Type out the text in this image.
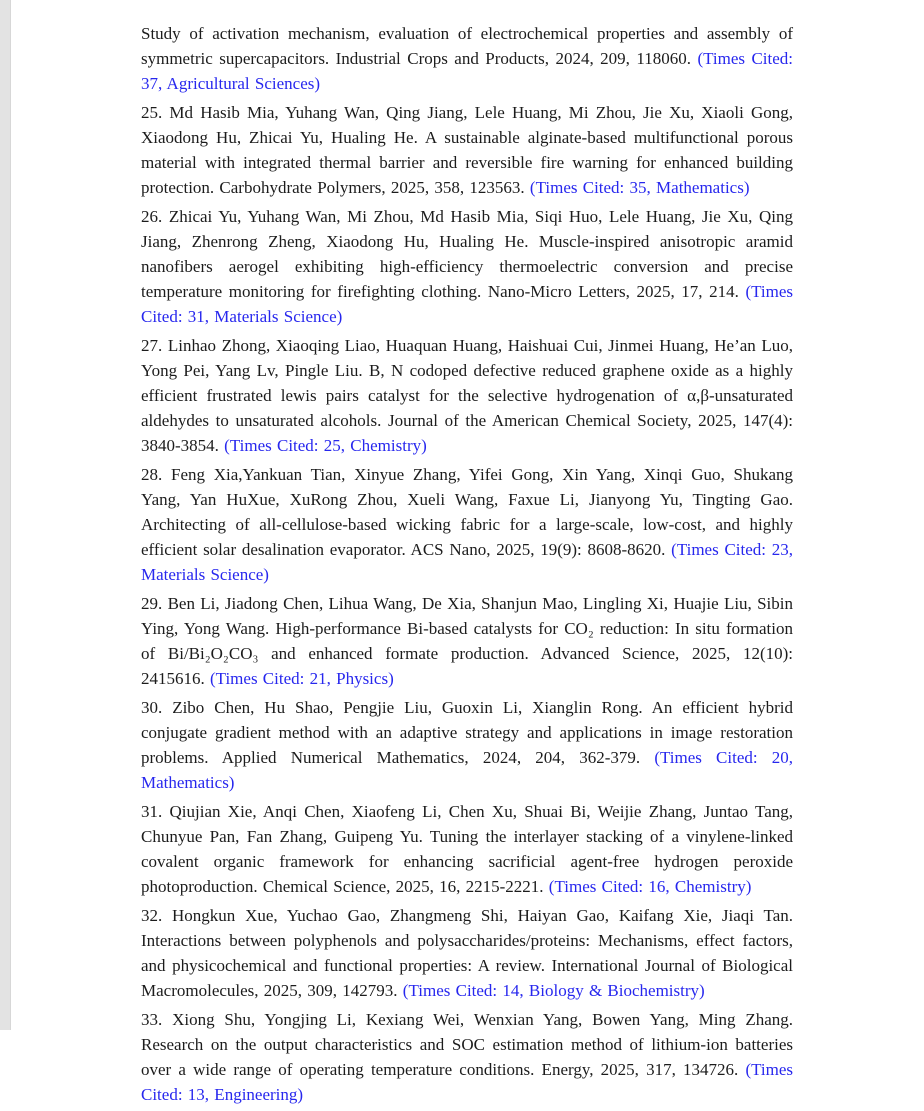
Study of activation mechanism, evaluation of electrochemical properties and assembly of symmetric supercapacitors. Industrial Crops and Products, 2024, 209, 118060. (Times Cited: 37, Agricultural Sciences)

25. Md Hasib Mia, Yuhang Wan, Qing Jiang, Lele Huang, Mi Zhou, Jie Xu, Xiaoli Gong, Xiaodong Hu, Zhicai Yu, Hualing He. A sustainable alginate-based multifunctional porous material with integrated thermal barrier and reversible fire warning for enhanced building protection. Carbohydrate Polymers, 2025, 358, 123563. (Times Cited: 35, Mathematics)

26. Zhicai Yu, Yuhang Wan, Mi Zhou, Md Hasib Mia, Siqi Huo, Lele Huang, Jie Xu, Qing Jiang, Zhenrong Zheng, Xiaodong Hu, Hualing He. Muscle-inspired anisotropic aramid nanofibers aerogel exhibiting high-efficiency thermoelectric conversion and precise temperature monitoring for firefighting clothing. Nano-Micro Letters, 2025, 17, 214. (Times Cited: 31, Materials Science)

27. Linhao Zhong, Xiaoqing Liao, Huaquan Huang, Haishuai Cui, Jinmei Huang, He’an Luo, Yong Pei, Yang Lv, Pingle Liu. B, N codoped defective reduced graphene oxide as a highly efficient frustrated lewis pairs catalyst for the selective hydrogenation of α,β-unsaturated aldehydes to unsaturated alcohols. Journal of the American Chemical Society, 2025, 147(4): 3840-3854. (Times Cited: 25, Chemistry)

28. Feng Xia,Yankuan Tian, Xinyue Zhang, Yifei Gong, Xin Yang, Xinqi Guo, Shukang Yang, Yan HuXue, XuRong Zhou, Xueli Wang, Faxue Li, Jianyong Yu, Tingting Gao. Architecting of all-cellulose-based wicking fabric for a large-scale, low-cost, and highly efficient solar desalination evaporator. ACS Nano, 2025, 19(9): 8608-8620. (Times Cited: 23, Materials Science)

29. Ben Li, Jiadong Chen, Lihua Wang, De Xia, Shanjun Mao, Lingling Xi, Huajie Liu, Sibin Ying, Yong Wang. High-performance Bi-based catalysts for CO₂ reduction: In situ formation of Bi/Bi₂O₂CO₃ and enhanced formate production. Advanced Science, 2025, 12(10): 2415616. (Times Cited: 21, Physics)

30. Zibo Chen, Hu Shao, Pengjie Liu, Guoxin Li, Xianglin Rong. An efficient hybrid conjugate gradient method with an adaptive strategy and applications in image restoration problems. Applied Numerical Mathematics, 2024, 204, 362-379. (Times Cited: 20, Mathematics)

31. Qiujian Xie, Anqi Chen, Xiaofeng Li, Chen Xu, Shuai Bi, Weijie Zhang, Juntao Tang, Chunyue Pan, Fan Zhang, Guipeng Yu. Tuning the interlayer stacking of a vinylene-linked covalent organic framework for enhancing sacrificial agent-free hydrogen peroxide photoproduction. Chemical Science, 2025, 16, 2215-2221. (Times Cited: 16, Chemistry)

32. Hongkun Xue, Yuchao Gao, Zhangmeng Shi, Haiyan Gao, Kaifang Xie, Jiaqi Tan. Interactions between polyphenols and polysaccharides/proteins: Mechanisms, effect factors, and physicochemical and functional properties: A review. International Journal of Biological Macromolecules, 2025, 309, 142793. (Times Cited: 14, Biology & Biochemistry)

33. Xiong Shu, Yongjing Li, Kexiang Wei, Wenxian Yang, Bowen Yang, Ming Zhang. Research on the output characteristics and SOC estimation method of lithium-ion batteries over a wide range of operating temperature conditions. Energy, 2025, 317, 134726. (Times Cited: 13, Engineering)
